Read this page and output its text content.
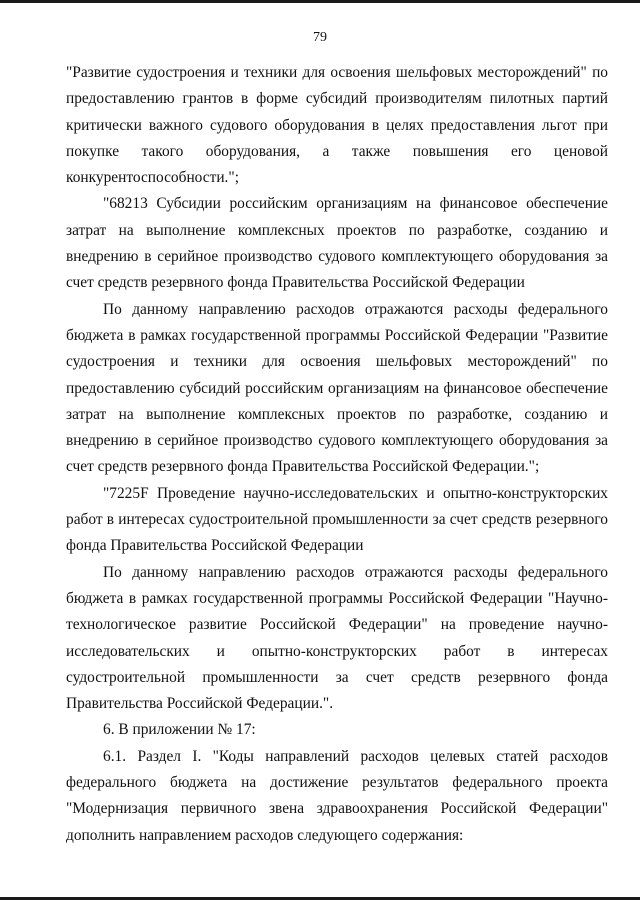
79

"Развитие судостроения и техники для освоения шельфовых месторождений" по предоставлению грантов в форме субсидий производителям пилотных партий критически важного судового оборудования в целях предоставления льгот при покупке такого оборудования, а также повышения его ценовой конкурентоспособности.";

"68213 Субсидии российским организациям на финансовое обеспечение затрат на выполнение комплексных проектов по разработке, созданию и внедрению в серийное производство судового комплектующего оборудования за счет средств резервного фонда Правительства Российской Федерации

По данному направлению расходов отражаются расходы федерального бюджета в рамках государственной программы Российской Федерации "Развитие судостроения и техники для освоения шельфовых месторождений" по предоставлению субсидий российским организациям на финансовое обеспечение затрат на выполнение комплексных проектов по разработке, созданию и внедрению в серийное производство судового комплектующего оборудования за счет средств резервного фонда Правительства Российской Федерации.";

"7225F Проведение научно-исследовательских и опытно-конструкторских работ в интересах судостроительной промышленности за счет средств резервного фонда Правительства Российской Федерации

По данному направлению расходов отражаются расходы федерального бюджета в рамках государственной программы Российской Федерации "Научно-технологическое развитие Российской Федерации" на проведение научно-исследовательских и опытно-конструкторских работ в интересах судостроительной промышленности за счет средств резервного фонда Правительства Российской Федерации.".

6. В приложении № 17:

6.1. Раздел I. "Коды направлений расходов целевых статей расходов федерального бюджета на достижение результатов федерального проекта "Модернизация первичного звена здравоохранения Российской Федерации" дополнить направлением расходов следующего содержания:
